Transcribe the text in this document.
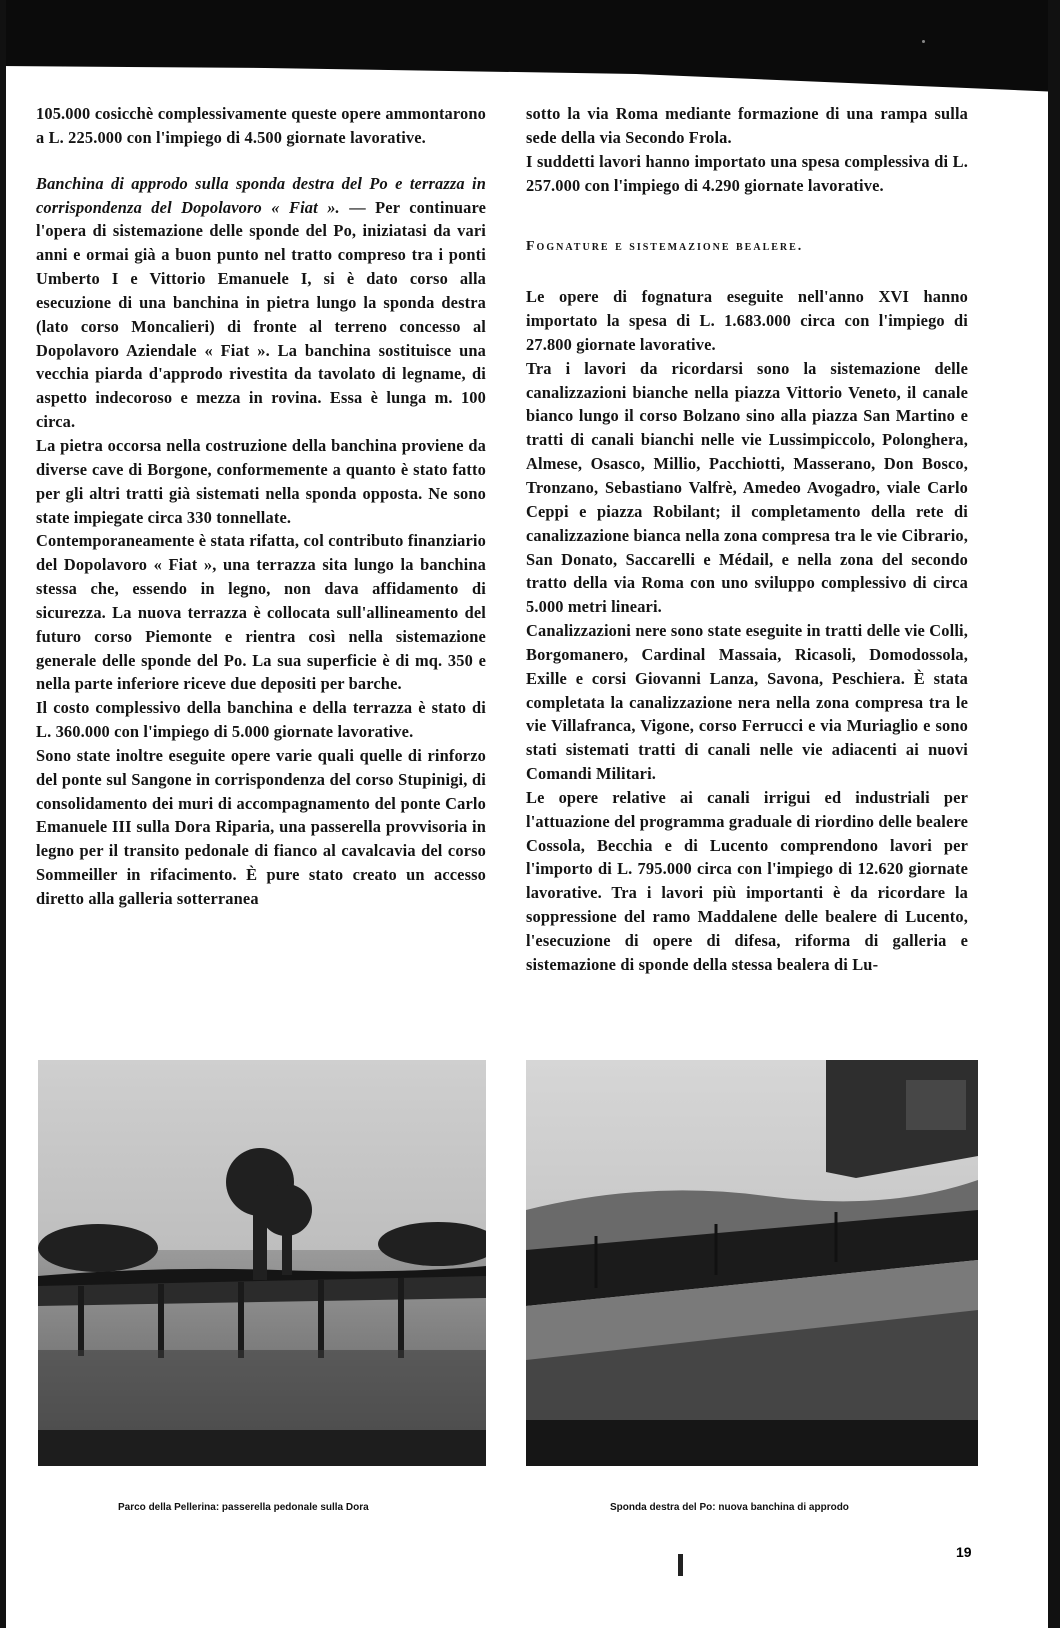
105.000 cosicchè complessivamente queste opere ammontarono a L. 225.000 con l'impiego di 4.500 giornate lavorative.

Banchina di approdo sulla sponda destra del Po e terrazza in corrispondenza del Dopolavoro « Fiat ». — Per continuare l'opera di sistemazione delle sponde del Po, iniziatasi da vari anni e ormai già a buon punto nel tratto compreso tra i ponti Umberto I e Vittorio Emanuele I, si è dato corso alla esecuzione di una banchina in pietra lungo la sponda destra (lato corso Moncalieri) di fronte al terreno concesso al Dopolavoro Aziendale « Fiat ». La banchina sostituisce una vecchia piarda d'approdo rivestita da tavolato di legname, di aspetto indecoroso e mezza in rovina. Essa è lunga m. 100 circa.

La pietra occorsa nella costruzione della banchina proviene da diverse cave di Borgone, conformemente a quanto è stato fatto per gli altri tratti già sistemati nella sponda opposta. Ne sono state impiegate circa 330 tonnellate.

Contemporaneamente è stata rifatta, col contributo finanziario del Dopolavoro « Fiat », una terrazza sita lungo la banchina stessa che, essendo in legno, non dava affidamento di sicurezza. La nuova terrazza è collocata sull'allineamento del futuro corso Piemonte e rientra così nella sistemazione generale delle sponde del Po. La sua superficie è di mq. 350 e nella parte inferiore riceve due depositi per barche.

Il costo complessivo della banchina e della terrazza è stato di L. 360.000 con l'impiego di 5.000 giornate lavorative.

Sono state inoltre eseguite opere varie quali quelle di rinforzo del ponte sul Sangone in corrispondenza del corso Stupinigi, di consolidamento dei muri di accompagnamento del ponte Carlo Emanuele III sulla Dora Riparia, una passerella provvisoria in legno per il transito pedonale di fianco al cavalcavia del corso Sommeiller in rifacimento. È pure stato creato un accesso diretto alla galleria sotterranea

sotto la via Roma mediante formazione di una rampa sulla sede della via Secondo Frola.

I suddetti lavori hanno importato una spesa complessiva di L. 257.000 con l'impiego di 4.290 giornate lavorative.

Fognature e sistemazione bealere.

Le opere di fognatura eseguite nell'anno XVI hanno importato la spesa di L. 1.683.000 circa con l'impiego di 27.800 giornate lavorative.

Tra i lavori da ricordarsi sono la sistemazione delle canalizzazioni bianche nella piazza Vittorio Veneto, il canale bianco lungo il corso Bolzano sino alla piazza San Martino e tratti di canali bianchi nelle vie Lussimpiccolo, Polonghera, Almese, Osasco, Millio, Pacchiotti, Masserano, Don Bosco, Tronzano, Sebastiano Valfrè, Amedeo Avogadro, viale Carlo Ceppi e piazza Robilant; il completamento della rete di canalizzazione bianca nella zona compresa tra le vie Cibrario, San Donato, Saccarelli e Médail, e nella zona del secondo tratto della via Roma con uno sviluppo complessivo di circa 5.000 metri lineari.

Canalizzazioni nere sono state eseguite in tratti delle vie Colli, Borgomanero, Cardinal Massaia, Ricasoli, Domodossola, Exille e corsi Giovanni Lanza, Savona, Peschiera. È stata completata la canalizzazione nera nella zona compresa tra le vie Villafranca, Vigone, corso Ferrucci e via Muriaglio e sono stati sistemati tratti di canali nelle vie adiacenti ai nuovi Comandi Militari.

Le opere relative ai canali irrigui ed industriali per l'attuazione del programma graduale di riordino delle bealere Cossola, Becchia e di Lucento comprendono lavori per l'importo di L. 795.000 circa con l'impiego di 12.620 giornate lavorative. Tra i lavori più importanti è da ricordare la soppressione del ramo Maddalene delle bealere di Lucento, l'esecuzione di opere di difesa, riforma di galleria e sistemazione di sponde della stessa bealera di Lu-

Parco della Pellerina: passerella pedonale sulla Dora	Sponda destra del Po: nuova banchina di approdo
19
